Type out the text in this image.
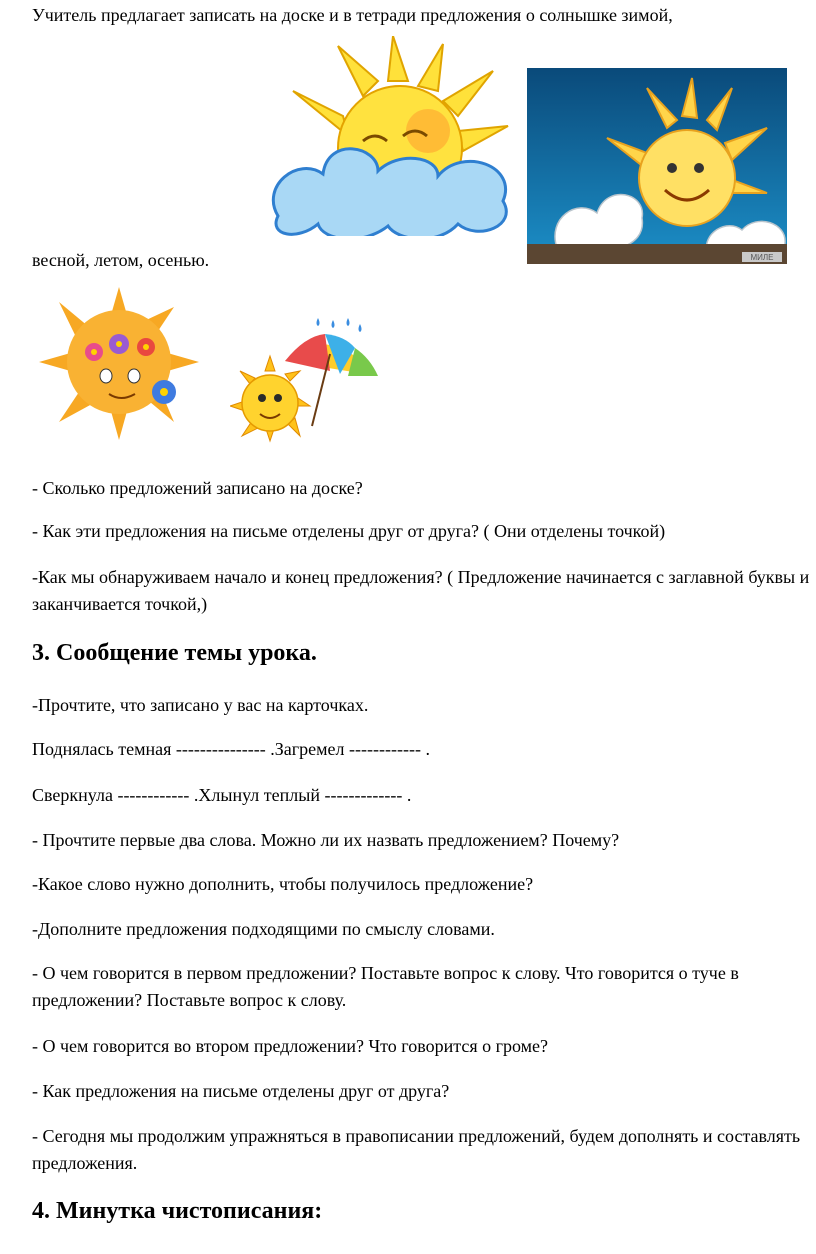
Учитель предлагает записать на доске и в тетради предложения о солнышке зимой,
МИЛЕ
весной, летом, осенью.
- Сколько предложений записано на доске?
- Как эти предложения на письме отделены друг от друга? ( Они отделены точкой)
-Как мы обнаруживаем начало и конец предложения? ( Предложение начинается с заглавной буквы и заканчивается точкой,)
3. Сообщение темы урока.
-Прочтите, что записано у вас на карточках.
Поднялась темная --------------- .Загремел ------------ .
Сверкнула ------------ .Хлынул теплый ------------- .
- Прочтите первые два слова. Можно ли их назвать предложением? Почему?
-Какое слово нужно дополнить, чтобы получилось предложение?
-Дополните предложения подходящими по смыслу словами.
- О чем говорится в первом предложении? Поставьте вопрос к слову. Что говорится о туче в предложении? Поставьте вопрос к слову.
- О чем говорится во втором предложении? Что говорится о громе?
- Как предложения на письме отделены друг от друга?
- Сегодня мы продолжим упражняться в правописании предложений, будем дополнять и составлять предложения.
4. Минутка чистописания:
